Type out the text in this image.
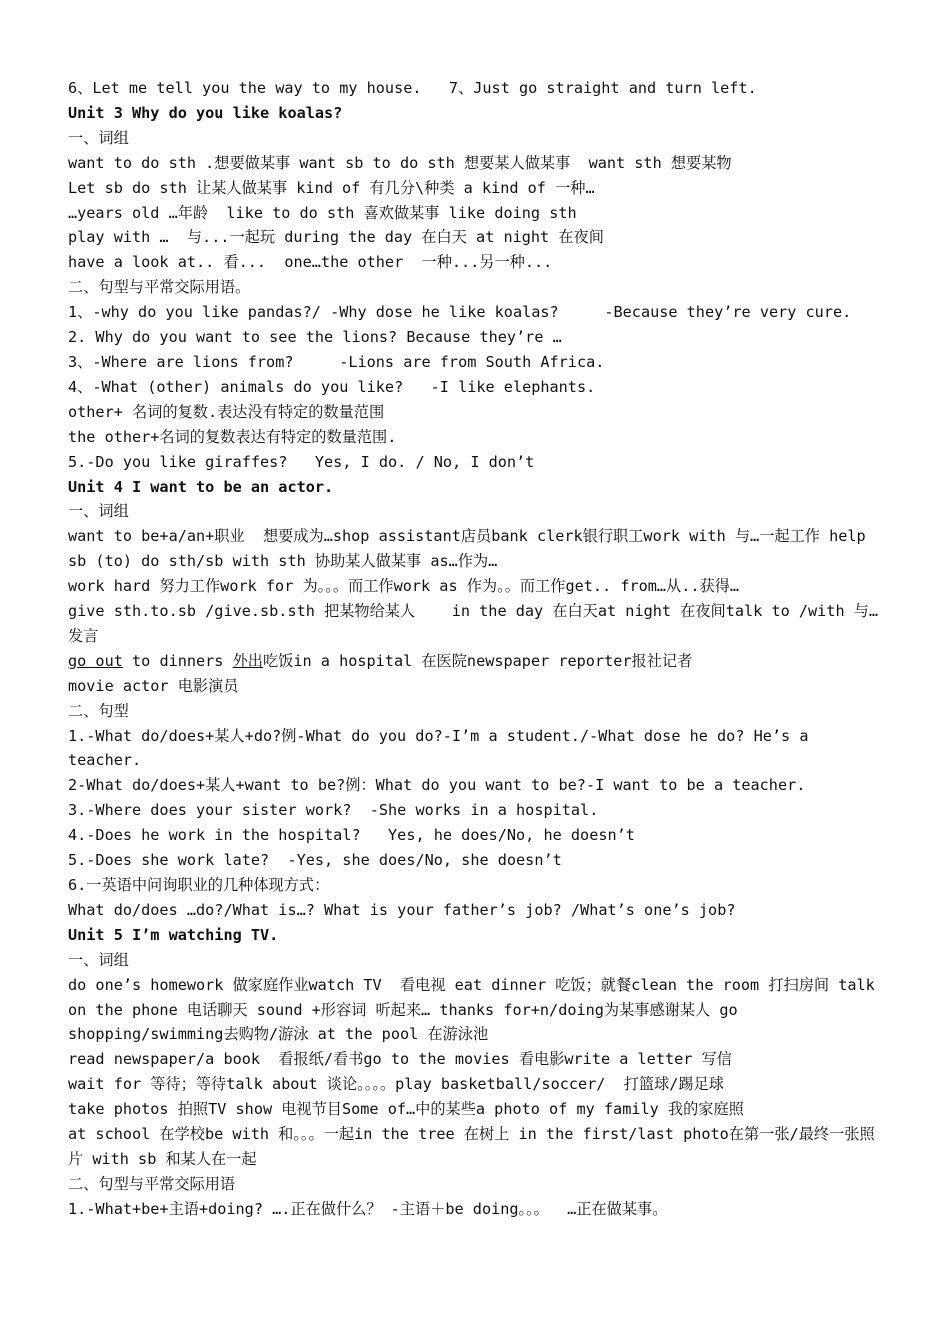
6、Let me tell you the way to my house.   7、Just go straight and turn left.
Unit 3 Why do you like koalas?
一、词组
want to do sth .想要做某事 want sb to do sth 想要某人做某事  want sth 想要某物
Let sb do sth 让某人做某事 kind of 有几分\种类 a kind of 一种…
…years old …年龄  like to do sth 喜欢做某事 like doing sth
play with …  与...一起玩 during the day 在白天 at night 在夜间
have a look at.. 看...  one…the other  一种...另一种...
二、句型与平常交际用语。
1、-why do you like pandas?/ -Why dose he like koalas?     -Because they’re very cure.
2. Why do you want to see the lions? Because they’re …
3、-Where are lions from?     -Lions are from South Africa.
4、-What (other) animals do you like?   -I like elephants.
other+ 名词的复数.表达没有特定的数量范围
the other+名词的复数表达有特定的数量范围.
5.-Do you like giraffes?   Yes, I do. / No, I don’t
Unit 4 I want to be an actor.
一、词组
want to be+a/an+职业  想要成为…shop assistant店员bank clerk银行职工work with 与…一起工作 help sb (to) do sth/sb with sth 协助某人做某事 as…作为…
work hard 努力工作work for 为。。。而工作work as 作为。。而工作get.. from…从..获得…
give sth.to.sb /give.sb.sth 把某物给某人    in the day 在白天at night 在夜间talk to /with 与…发言
go out to dinners 外出吃饭in a hospital 在医院newspaper reporter报社记者
movie actor 电影演员
二、句型
1.-What do/does+某人+do?例-What do you do?-I’m a student./-What dose he do? He’s a teacher.
2-What do/does+某人+want to be?例：What do you want to be?-I want to be a teacher.
3.-Where does your sister work?  -She works in a hospital.
4.-Does he work in the hospital?   Yes, he does/No, he doesn’t
5.-Does she work late?  -Yes, she does/No, she doesn’t
6.一英语中问询职业的几种体现方式：
What do/does …do?/What is…? What is your father’s job? /What’s one’s job?
Unit 5 I’m watching TV.
一、词组
do one’s homework 做家庭作业watch TV  看电视 eat dinner 吃饭；就餐clean the room 打扫房间 talk on the phone 电话聊天 sound +形容词 听起来… thanks for+n/doing为某事感谢某人 go shopping/swimming去购物/游泳 at the pool 在游泳池
read newspaper/a book  看报纸/看书go to the movies 看电影write a letter 写信
wait for 等待；等待talk about 谈论。。。。play basketball/soccer/  打篮球/踢足球
take photos 拍照TV show 电视节目Some of…中的某些a photo of my family 我的家庭照
at school 在学校be with 和。。。一起in the tree 在树上 in the first/last photo在第一张/最终一张照片 with sb 和某人在一起
二、句型与平常交际用语
1.-What+be+主语+doing? ….正在做什么？ -主语＋be doing。。。  …正在做某事。
